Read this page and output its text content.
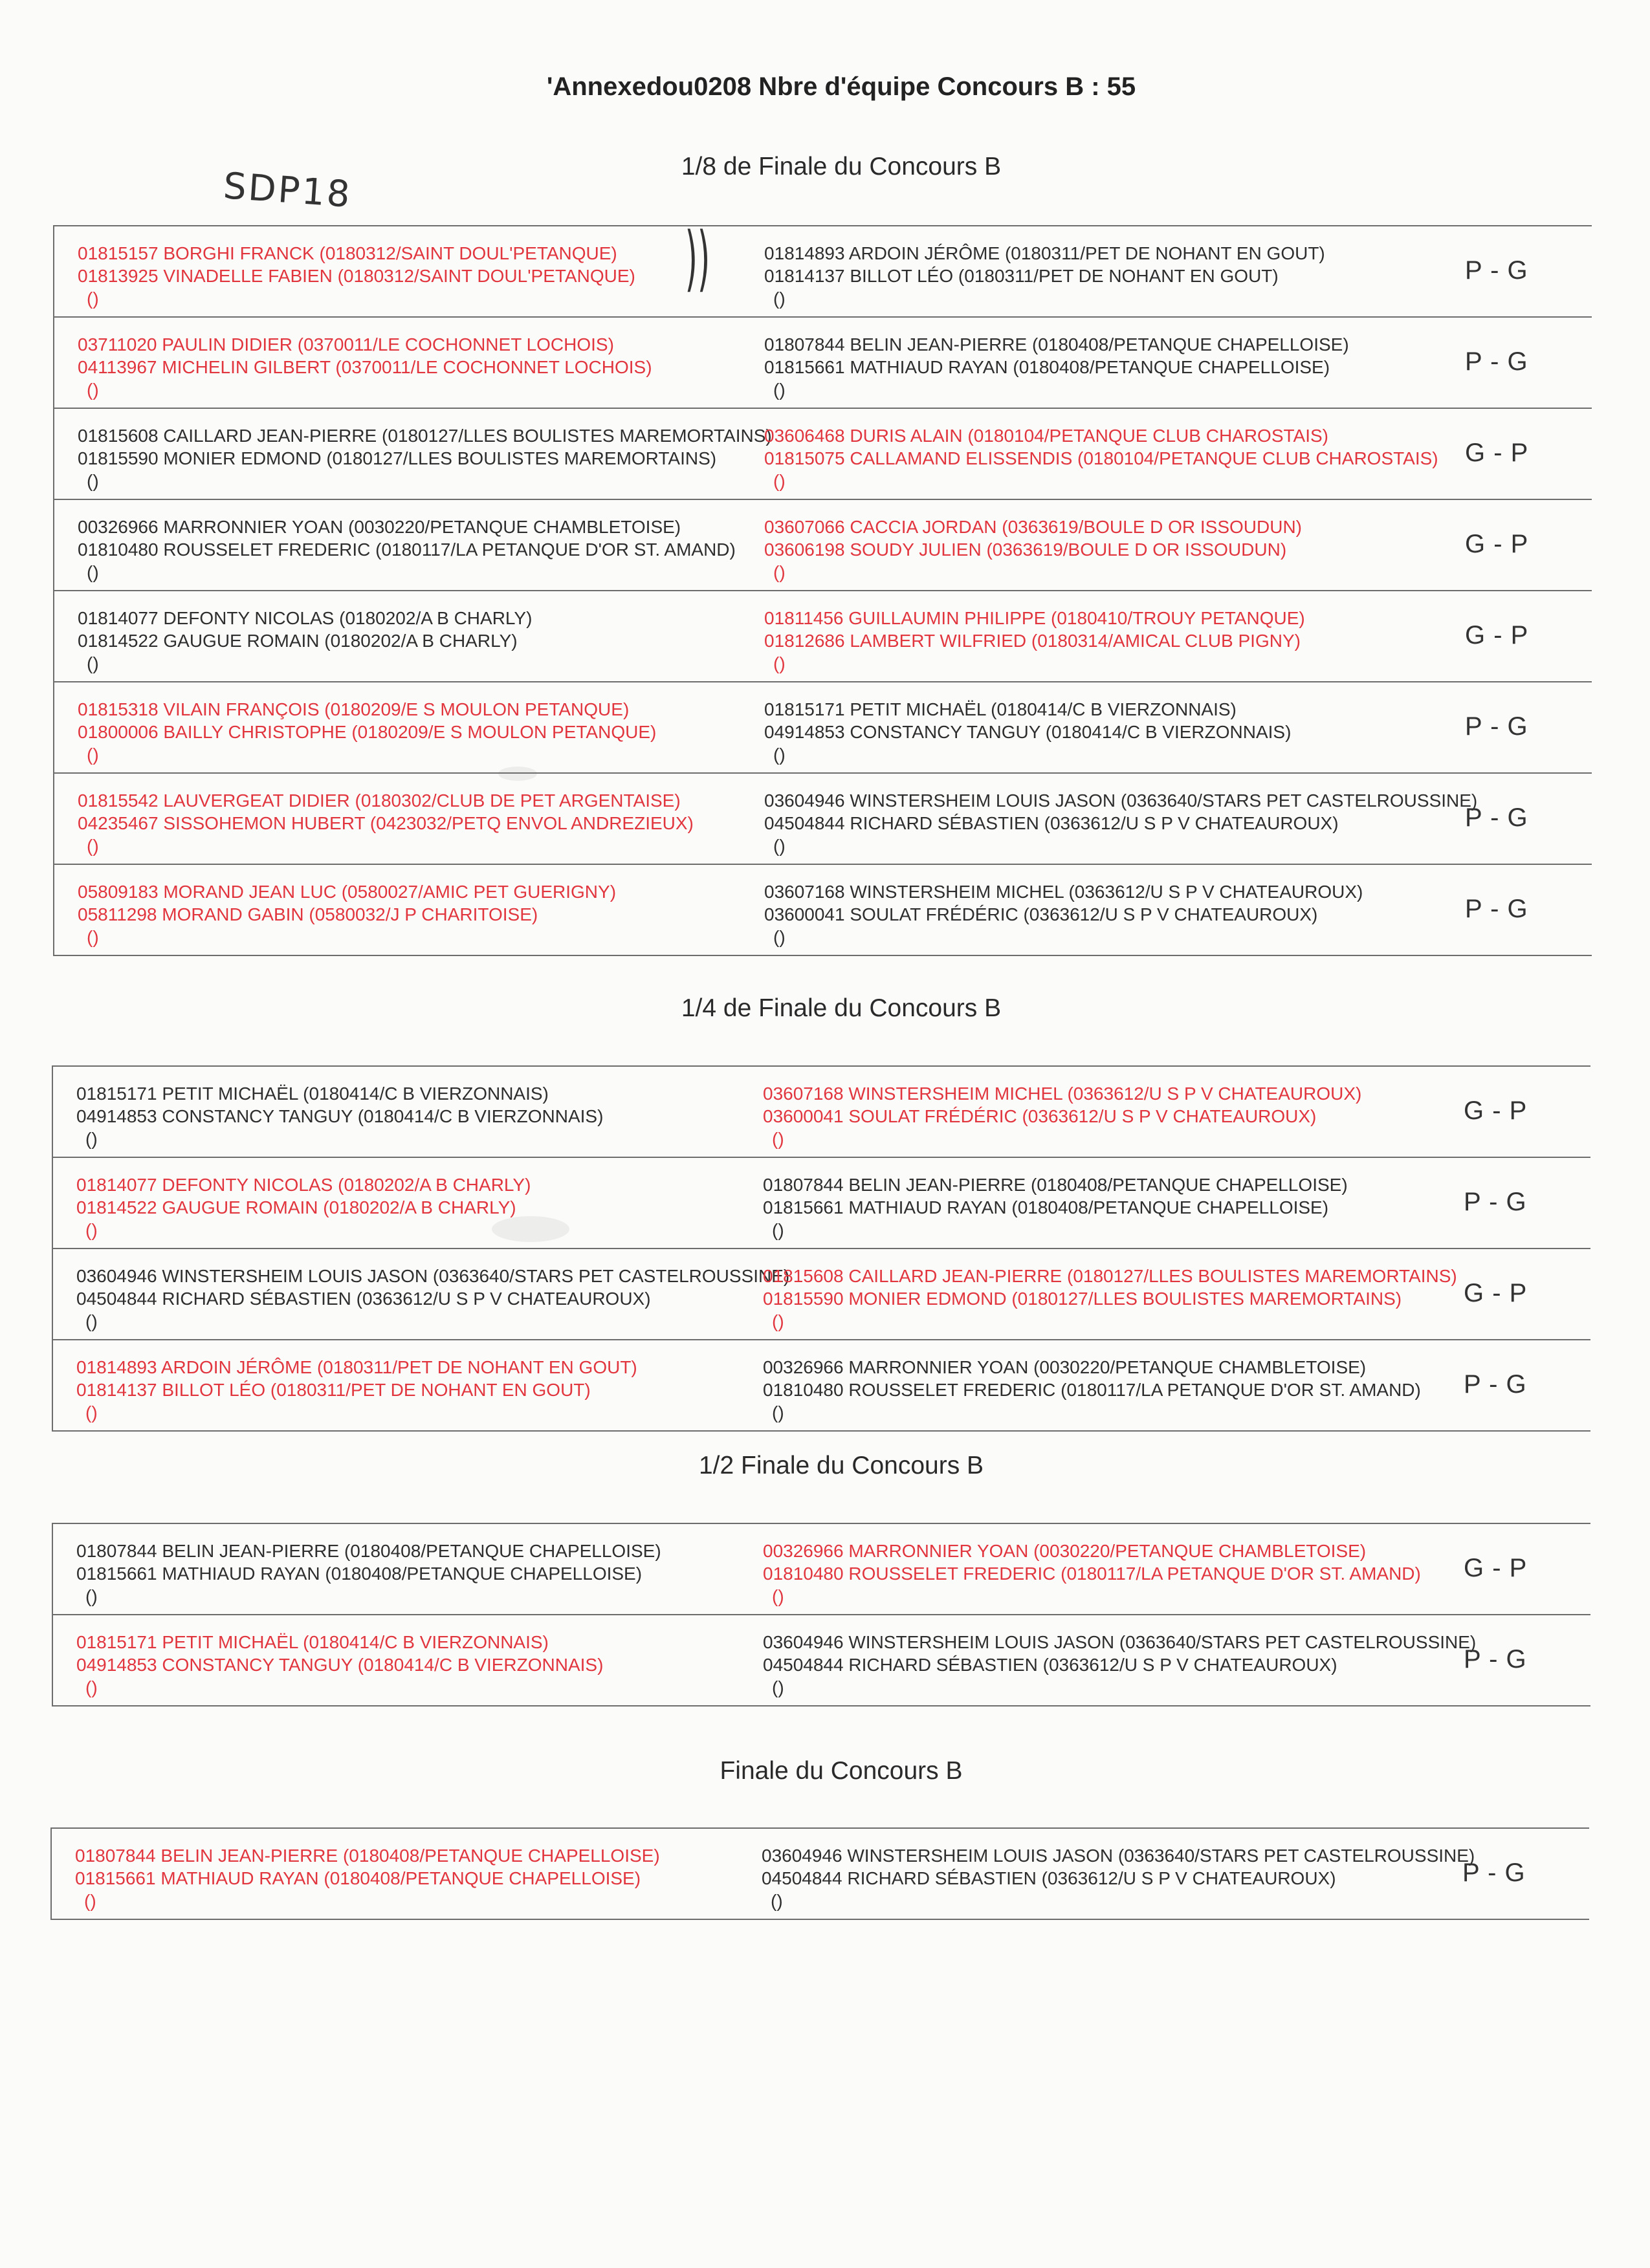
'Annexedou0208 Nbre d'équipe Concours B : 55
SDP18
))
1/8 de Finale du Concours B
01815157 BORGHI FRANCK (0180312/SAINT DOUL'PETANQUE)
01813925 VINADELLE FABIEN (0180312/SAINT DOUL'PETANQUE)
()
01814893 ARDOIN JÉRÔME (0180311/PET DE NOHANT EN GOUT)
01814137 BILLOT LÉO (0180311/PET DE NOHANT EN GOUT)
()
P - G
03711020 PAULIN DIDIER (0370011/LE COCHONNET LOCHOIS)
04113967 MICHELIN GILBERT (0370011/LE COCHONNET LOCHOIS)
()
01807844 BELIN JEAN-PIERRE (0180408/PETANQUE CHAPELLOISE)
01815661 MATHIAUD RAYAN (0180408/PETANQUE CHAPELLOISE)
()
P - G
01815608 CAILLARD JEAN-PIERRE (0180127/LLES BOULISTES MAREMORTAINS)
01815590 MONIER EDMOND (0180127/LLES BOULISTES MAREMORTAINS)
()
03606468 DURIS ALAIN (0180104/PETANQUE CLUB CHAROSTAIS)
01815075 CALLAMAND ELISSENDIS (0180104/PETANQUE CLUB CHAROSTAIS)
()
G - P
00326966 MARRONNIER YOAN (0030220/PETANQUE CHAMBLETOISE)
01810480 ROUSSELET FREDERIC (0180117/LA PETANQUE D'OR ST. AMAND)
()
03607066 CACCIA JORDAN (0363619/BOULE D OR ISSOUDUN)
03606198 SOUDY JULIEN (0363619/BOULE D OR ISSOUDUN)
()
G - P
01814077 DEFONTY NICOLAS (0180202/A B CHARLY)
01814522 GAUGUE ROMAIN (0180202/A B CHARLY)
()
01811456 GUILLAUMIN PHILIPPE (0180410/TROUY PETANQUE)
01812686 LAMBERT WILFRIED (0180314/AMICAL CLUB PIGNY)
()
G - P
01815318 VILAIN FRANÇOIS (0180209/E S MOULON PETANQUE)
01800006 BAILLY CHRISTOPHE (0180209/E S MOULON PETANQUE)
()
01815171 PETIT MICHAËL (0180414/C B VIERZONNAIS)
04914853 CONSTANCY TANGUY (0180414/C B VIERZONNAIS)
()
P - G
01815542 LAUVERGEAT DIDIER (0180302/CLUB DE PET ARGENTAISE)
04235467 SISSOHEMON HUBERT (0423032/PETQ ENVOL ANDREZIEUX)
()
03604946 WINSTERSHEIM LOUIS JASON (0363640/STARS PET CASTELROUSSINE)
04504844 RICHARD SÉBASTIEN (0363612/U S P V CHATEAUROUX)
()
P - G
05809183 MORAND JEAN LUC (0580027/AMIC PET GUERIGNY)
05811298 MORAND GABIN (0580032/J P CHARITOISE)
()
03607168 WINSTERSHEIM MICHEL (0363612/U S P V CHATEAUROUX)
03600041 SOULAT FRÉDÉRIC (0363612/U S P V CHATEAUROUX)
()
P - G
1/4 de Finale du Concours B
01815171 PETIT MICHAËL (0180414/C B VIERZONNAIS)
04914853 CONSTANCY TANGUY (0180414/C B VIERZONNAIS)
()
03607168 WINSTERSHEIM MICHEL (0363612/U S P V CHATEAUROUX)
03600041 SOULAT FRÉDÉRIC (0363612/U S P V CHATEAUROUX)
()
G - P
01814077 DEFONTY NICOLAS (0180202/A B CHARLY)
01814522 GAUGUE ROMAIN (0180202/A B CHARLY)
()
01807844 BELIN JEAN-PIERRE (0180408/PETANQUE CHAPELLOISE)
01815661 MATHIAUD RAYAN (0180408/PETANQUE CHAPELLOISE)
()
P - G
03604946 WINSTERSHEIM LOUIS JASON (0363640/STARS PET CASTELROUSSINE)
04504844 RICHARD SÉBASTIEN (0363612/U S P V CHATEAUROUX)
()
01815608 CAILLARD JEAN-PIERRE (0180127/LLES BOULISTES MAREMORTAINS)
01815590 MONIER EDMOND (0180127/LLES BOULISTES MAREMORTAINS)
()
G - P
01814893 ARDOIN JÉRÔME (0180311/PET DE NOHANT EN GOUT)
01814137 BILLOT LÉO (0180311/PET DE NOHANT EN GOUT)
()
00326966 MARRONNIER YOAN (0030220/PETANQUE CHAMBLETOISE)
01810480 ROUSSELET FREDERIC (0180117/LA PETANQUE D'OR ST. AMAND)
()
P - G
1/2 Finale du Concours B
01807844 BELIN JEAN-PIERRE (0180408/PETANQUE CHAPELLOISE)
01815661 MATHIAUD RAYAN (0180408/PETANQUE CHAPELLOISE)
()
00326966 MARRONNIER YOAN (0030220/PETANQUE CHAMBLETOISE)
01810480 ROUSSELET FREDERIC (0180117/LA PETANQUE D'OR ST. AMAND)
()
G - P
01815171 PETIT MICHAËL (0180414/C B VIERZONNAIS)
04914853 CONSTANCY TANGUY (0180414/C B VIERZONNAIS)
()
03604946 WINSTERSHEIM LOUIS JASON (0363640/STARS PET CASTELROUSSINE)
04504844 RICHARD SÉBASTIEN (0363612/U S P V CHATEAUROUX)
()
P - G
Finale du Concours B
01807844 BELIN JEAN-PIERRE (0180408/PETANQUE CHAPELLOISE)
01815661 MATHIAUD RAYAN (0180408/PETANQUE CHAPELLOISE)
()
03604946 WINSTERSHEIM LOUIS JASON (0363640/STARS PET CASTELROUSSINE)
04504844 RICHARD SÉBASTIEN (0363612/U S P V CHATEAUROUX)
()
P - G
